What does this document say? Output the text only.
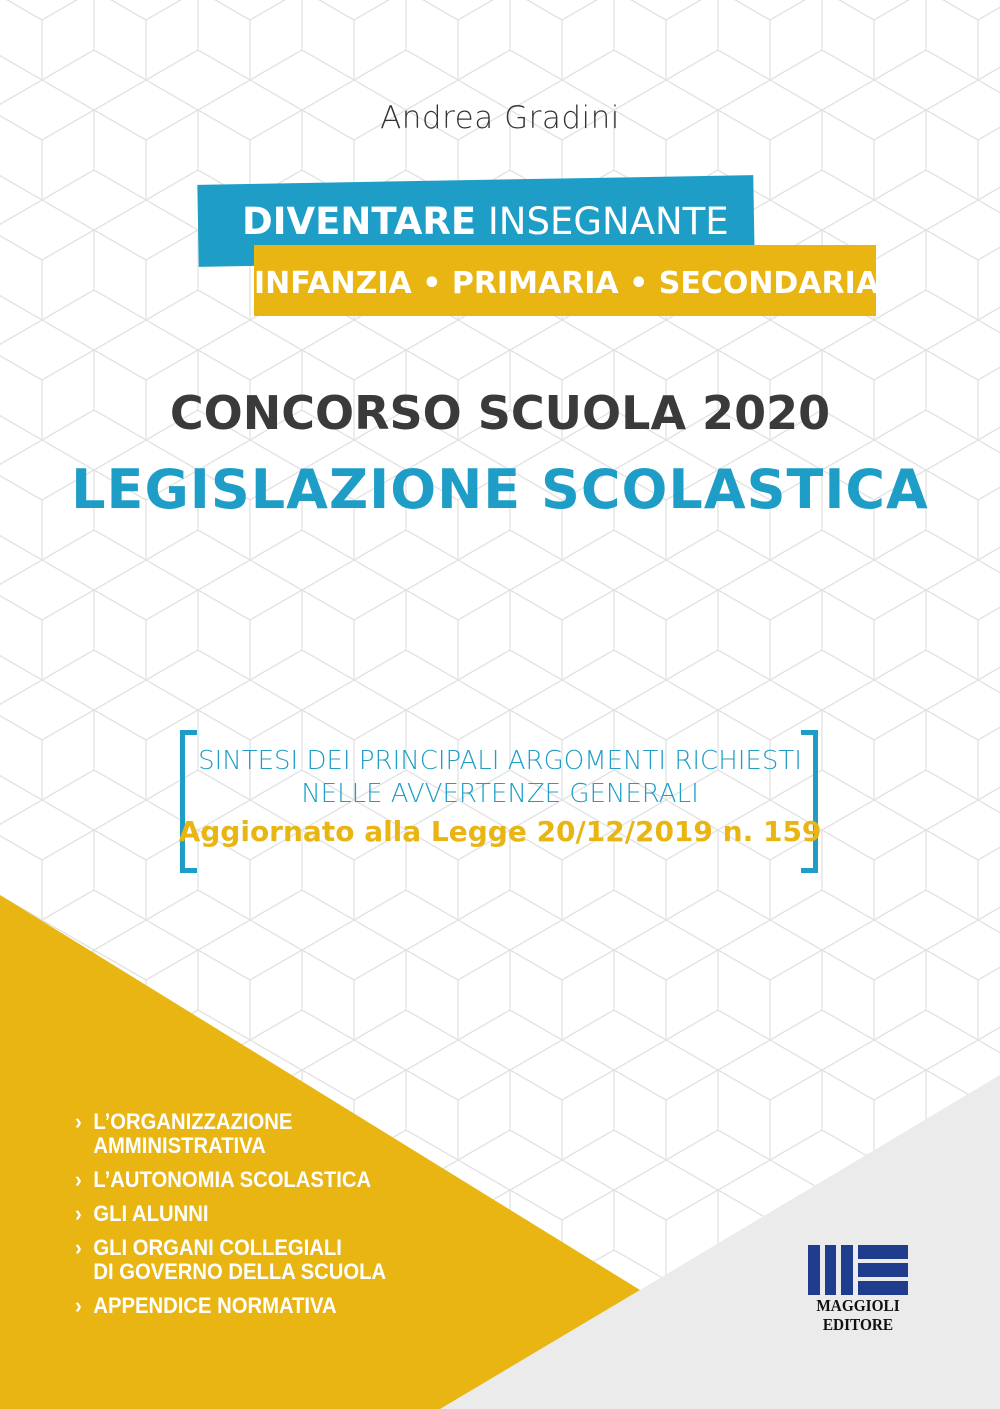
Andrea Gradini
DIVENTARE INSEGNANTE
INFANZIA • PRIMARIA • SECONDARIA
CONCORSO SCUOLA 2020
LEGISLAZIONE SCOLASTICA
SINTESI DEI PRINCIPALI ARGOMENTI RICHIESTI
NELLE AVVERTENZE GENERALI
Aggiornato alla Legge 20/12/2019 n. 159
› L’ORGANIZZAZIONE
AMMINISTRATIVA
› L’AUTONOMIA SCOLASTICA
› GLI ALUNNI
› GLI ORGANI COLLEGIALI
DI GOVERNO DELLA SCUOLA
› APPENDICE NORMATIVA	MAGGIOLI
EDITORE
